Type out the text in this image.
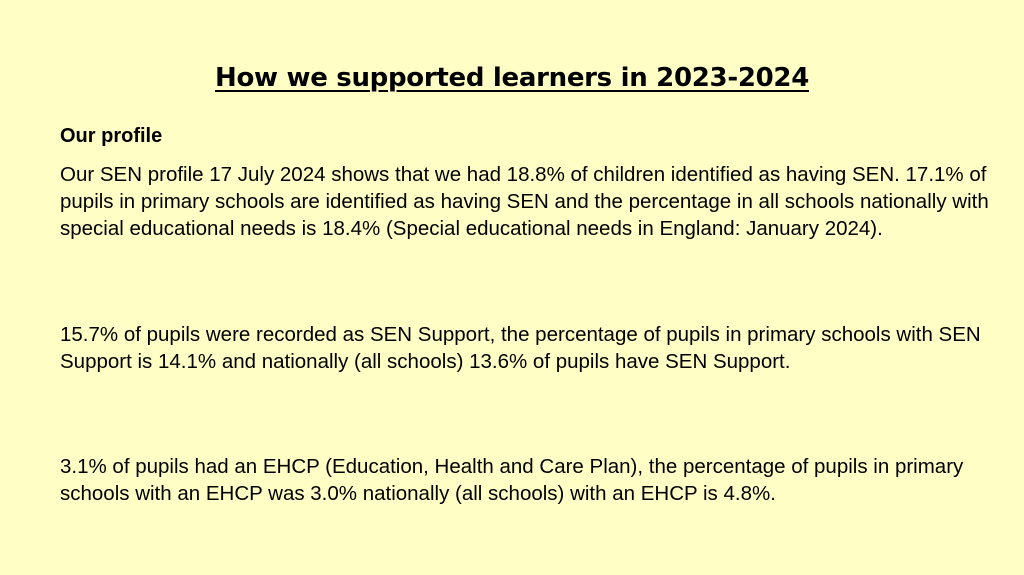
How we supported learners in 2023-2024
Our profile

Our SEN profile 17 July 2024 shows that we had 18.8% of children identified as having SEN. 17.1% of pupils in primary schools are identified as having SEN and the percentage in all schools nationally with special educational needs is 18.4% (Special educational needs in England: January 2024).

15.7% of pupils were recorded as SEN Support, the percentage of pupils in primary schools with SEN Support is 14.1% and nationally (all schools) 13.6% of pupils have SEN Support.

3.1% of pupils had an EHCP (Education, Health and Care Plan), the percentage of pupils in primary schools with an EHCP was 3.0% nationally (all schools) with an EHCP is 4.8%.
